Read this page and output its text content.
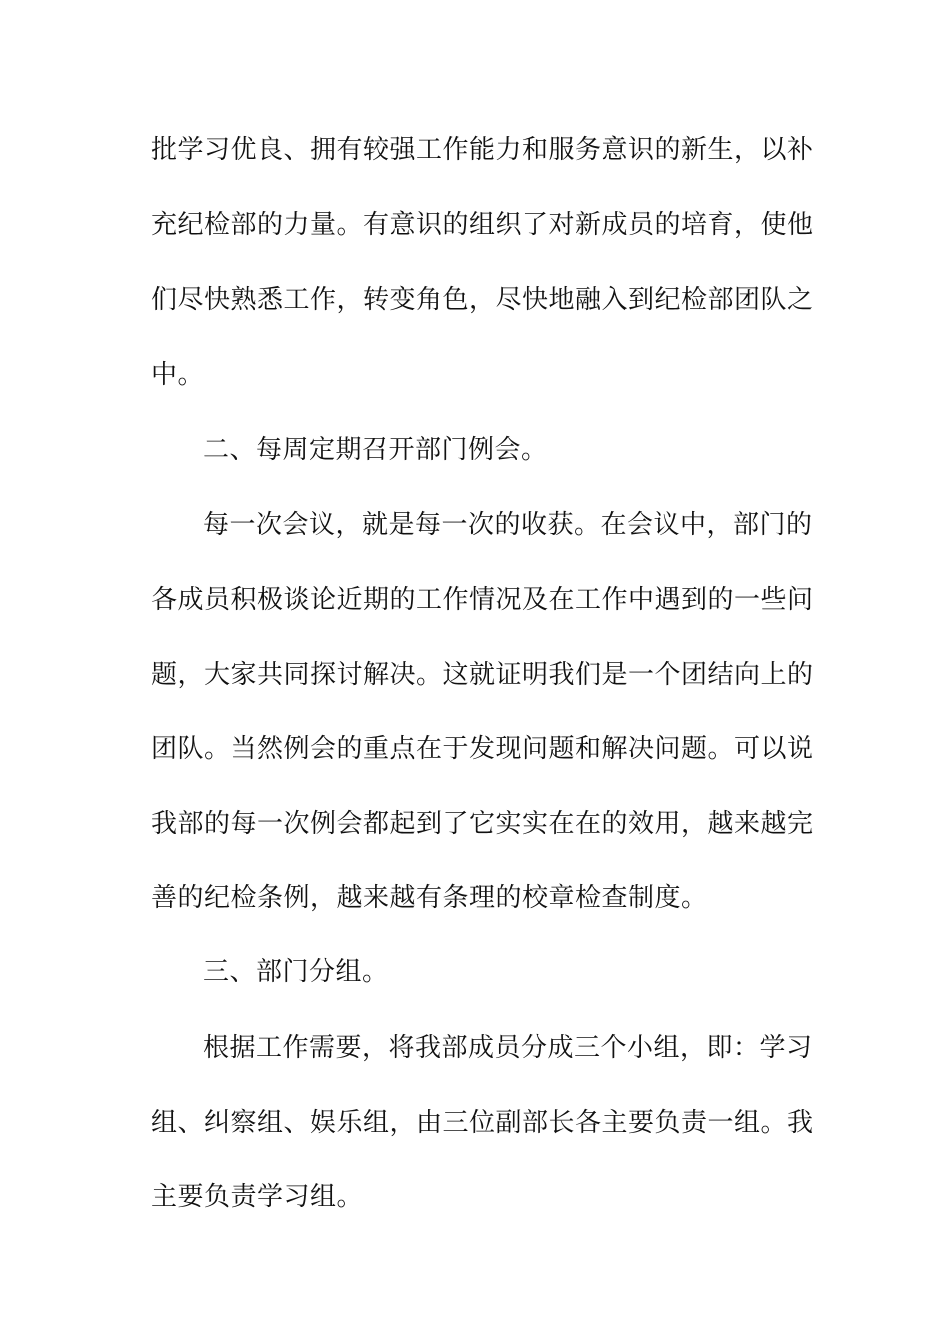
批学习优良、拥有较强工作能力和服务意识的新生，以补
充纪检部的力量。有意识的组织了对新成员的培育，使他
们尽快熟悉工作，转变角色，尽快地融入到纪检部团队之
中。
二、每周定期召开部门例会。
每一次会议，就是每一次的收获。在会议中，部门的
各成员积极谈论近期的工作情况及在工作中遇到的一些问
题，大家共同探讨解决。这就证明我们是一个团结向上的
团队。当然例会的重点在于发现问题和解决问题。可以说
我部的每一次例会都起到了它实实在在的效用，越来越完
善的纪检条例，越来越有条理的校章检查制度。
三、部门分组。
根据工作需要，将我部成员分成三个小组，即：学习
组、纠察组、娱乐组，由三位副部长各主要负责一组。我
主要负责学习组。
